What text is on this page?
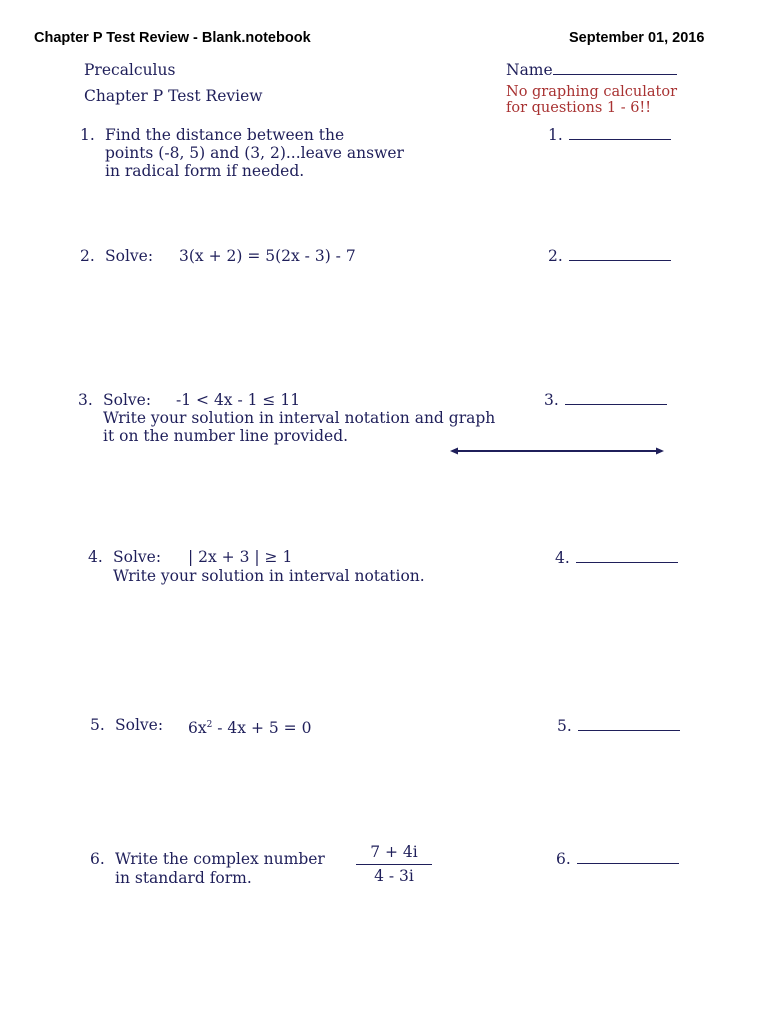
Chapter P Test Review - Blank.notebook	September 01, 2016
Precalculus
Chapter P Test Review
Name
No graphing calculator
for questions 1 - 6!!
1. Find the distance between the
points (-8, 5) and (3, 2)...leave answer
in radical form if needed.
1.
2. Solve: 3(x + 2) = 5(2x - 3) - 7	2.
3. Solve: -1 < 4x - 1 ≤ 11
Write your solution in interval notation and graph
it on the number line provided.
3.
4. Solve: | 2x + 3 | ≥ 1
Write your solution in interval notation.
4.
5. Solve: $6x^2 - 4x + 5 = 0$	5.
6. Write the complex number
in standard form.
7 + 4i
4 - 3i
6.
